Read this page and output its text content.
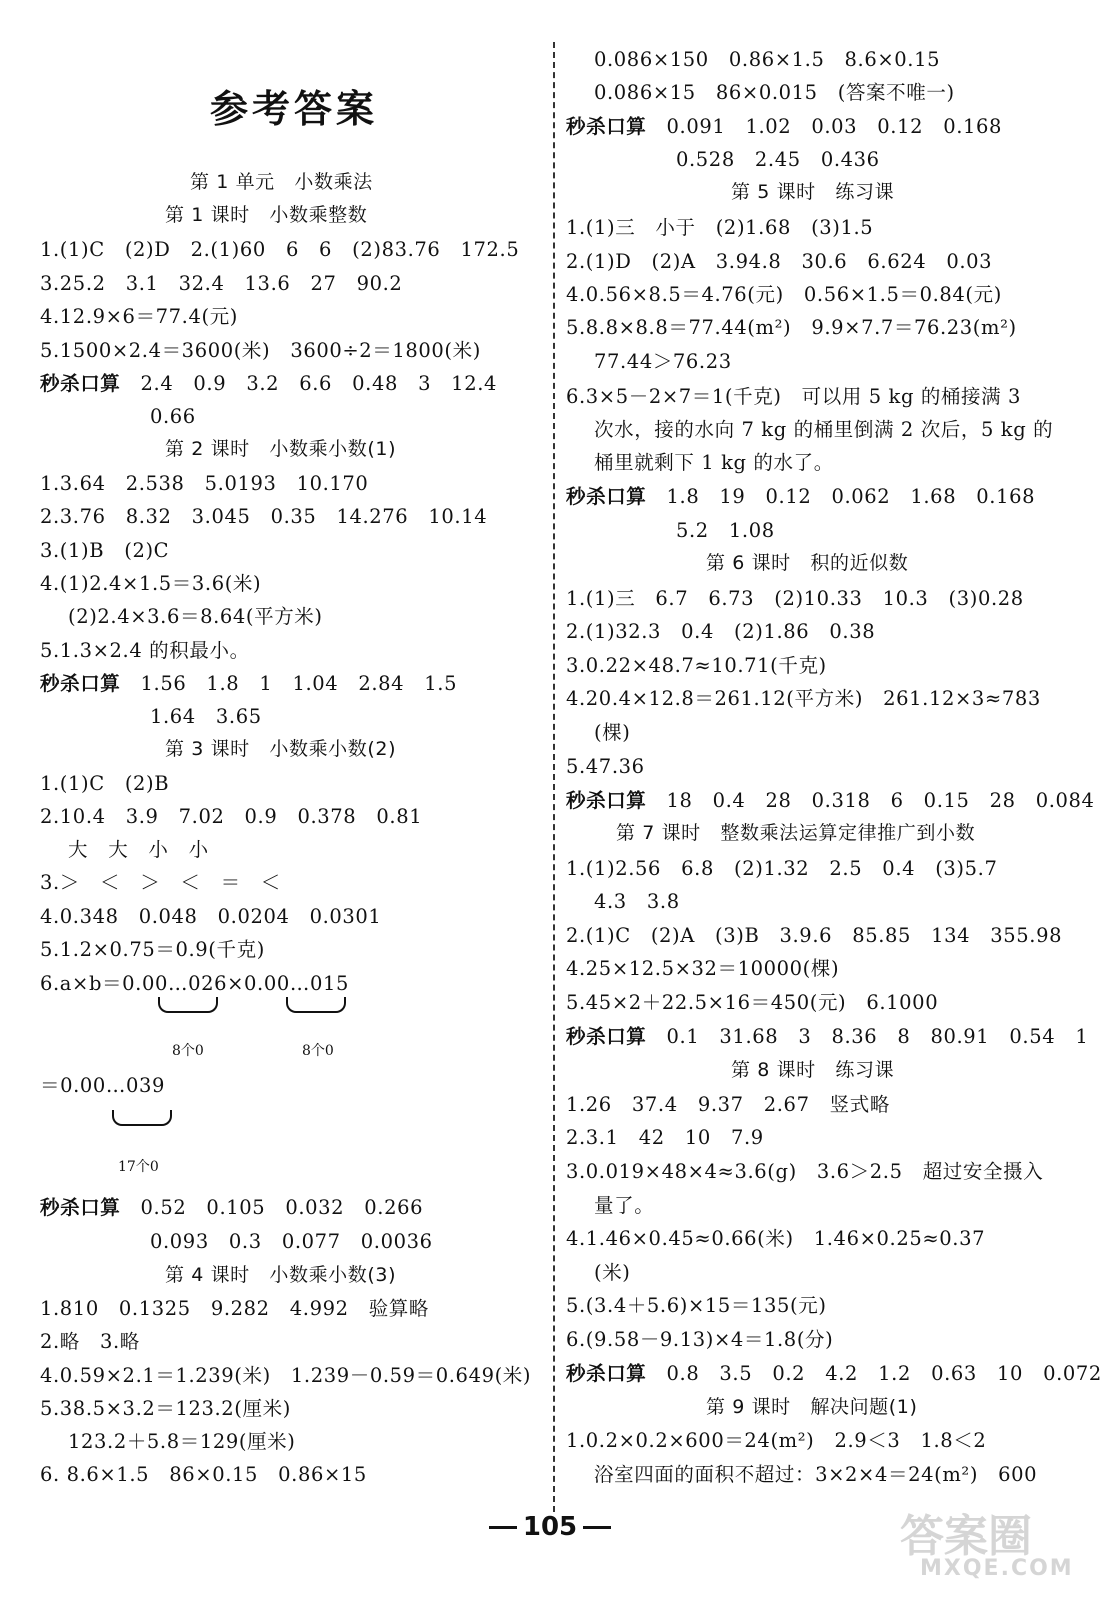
参考答案
第 1 单元　小数乘法
第 1 课时　小数乘整数
1.(1)C　(2)D　2.(1)60　6　6　(2)83.76　172.5
3.25.2　3.1　32.4　13.6　27　90.2
4.12.9×6＝77.4(元)
5.1500×2.4＝3600(米)　3600÷2＝1800(米)
秒杀口算　 2.4　0.9　3.2　6.6　0.48　3　12.4
0.66
第 2 课时　小数乘小数(1)
1.3.64　2.538　5.0193　10.170
2.3.76　8.32　3.045　0.35　14.276　10.14
3.(1)B　(2)C
4.(1)2.4×1.5＝3.6(米)
(2)2.4×3.6＝8.64(平方米)
5.1.3×2.4 的积最小。
秒杀口算　 1.56　1.8　1　1.04　2.84　1.5
1.64　3.65
第 3 课时　小数乘小数(2)
1.(1)C　(2)B
2.10.4　3.9　7.02　0.9　0.378　0.81
大　大　小　小
3.＞　＜　＞　＜　＝　＜
4.0.348　0.048　0.0204　0.0301
5.1.2×0.75＝0.9(千克)
6.a×b＝0.00…026×0.00…015
8个0	8个0
＝0.00…039
17个0
秒杀口算　 0.52　0.105　0.032　0.266
0.093　0.3　0.077　0.0036
第 4 课时　小数乘小数(3)
1.810　0.1325　9.282　4.992　验算略
2.略　3.略
4.0.59×2.1＝1.239(米)　1.239－0.59＝0.649(米)
5.38.5×3.2＝123.2(厘米)
123.2＋5.8＝129(厘米)
6. 8.6×1.5　86×0.15　0.86×15
0.086×150　0.86×1.5　8.6×0.15
0.086×15　86×0.015　(答案不唯一)
秒杀口算　 0.091　1.02　0.03　0.12　0.168
0.528　2.45　0.436
第 5 课时　练习课
1.(1)三　小于　(2)1.68　(3)1.5
2.(1)D　(2)A　3.94.8　30.6　6.624　0.03
4.0.56×8.5＝4.76(元)　0.56×1.5＝0.84(元)
5.8.8×8.8＝77.44(m²)　9.9×7.7＝76.23(m²)
77.44＞76.23
6.3×5－2×7＝1(千克)　可以用 5 kg 的桶接满 3
次水，接的水向 7 kg 的桶里倒满 2 次后，5 kg 的
桶里就剩下 1 kg 的水了。
秒杀口算　 1.8　19　0.12　0.062　1.68　0.168
5.2　1.08
第 6 课时　积的近似数
1.(1)三　6.7　6.73　(2)10.33　10.3　(3)0.28
2.(1)32.3　0.4　(2)1.86　0.38
3.0.22×48.7≈10.71(千克)
4.20.4×12.8＝261.12(平方米)　261.12×3≈783
(棵)
5.47.36
秒杀口算　 18　0.4　28　0.318　6　0.15　28　0.084
第 7 课时　整数乘法运算定律推广到小数
1.(1)2.56　6.8　(2)1.32　2.5　0.4　(3)5.7
4.3　3.8
2.(1)C　(2)A　(3)B　3.9.6　85.85　134　355.98
4.25×12.5×32＝10000(棵)
5.45×2＋22.5×16＝450(元)　6.1000
秒杀口算　 0.1　31.68　3　8.36　8　80.91　0.54　1
第 8 课时　练习课
1.26　37.4　9.37　2.67　竖式略
2.3.1　42　10　7.9
3.0.019×48×4≈3.6(g)　3.6＞2.5　超过安全摄入
量了。
4.1.46×0.45≈0.66(米)　1.46×0.25≈0.37
(米)
5.(3.4＋5.6)×15＝135(元)
6.(9.58－9.13)×4＝1.8(分)
秒杀口算　 0.8　3.5　0.2　4.2　1.2　0.63　10　0.072
第 9 课时　解决问题(1)
1.0.2×0.2×600＝24(m²)　2.9＜3　1.8＜2
浴室四面的面积不超过：3×2×4＝24(m²)　600
105	答案圈
MXQE.COM
